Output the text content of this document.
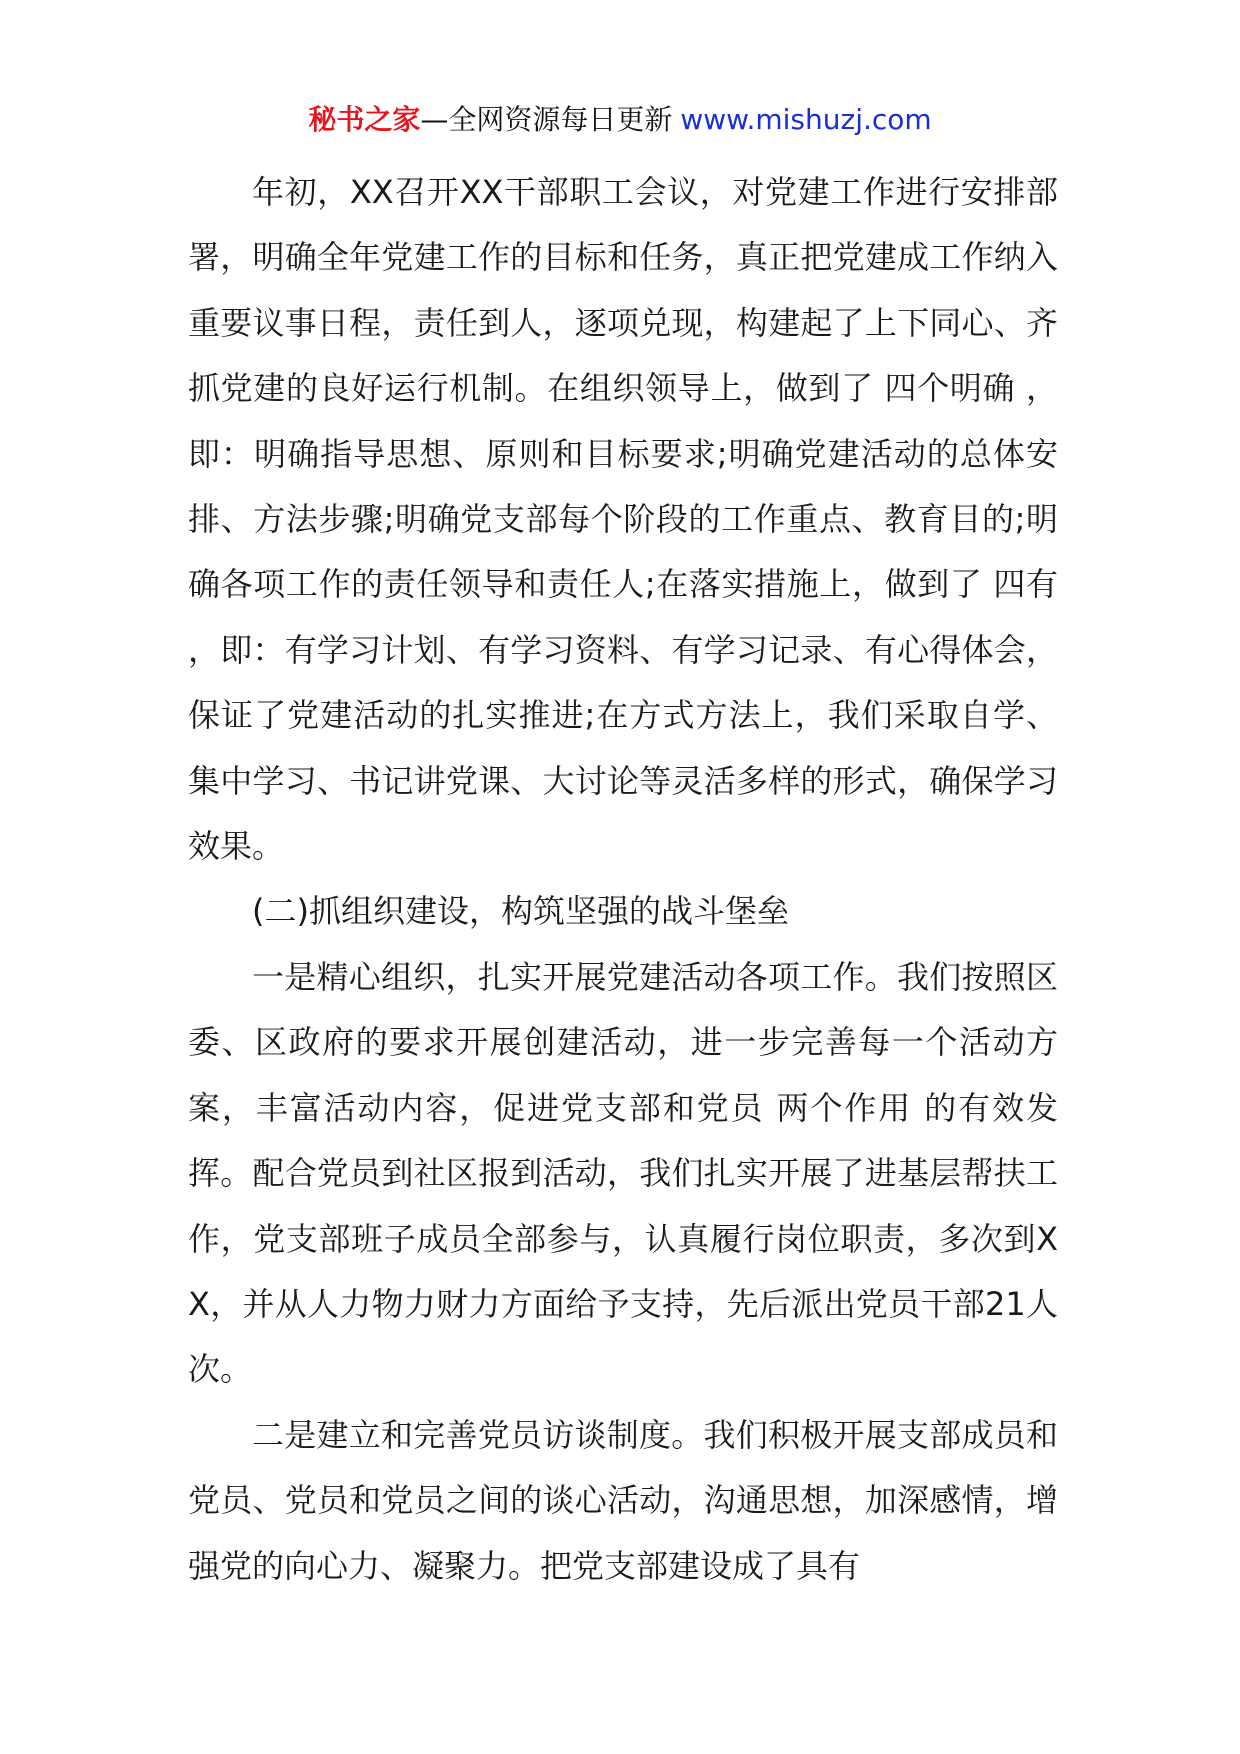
秘书之家—全网资源每日更新 www.mishuzj.com

年初，XX召开XX干部职工会议，对党建工作进行安排部署，明确全年党建工作的目标和任务，真正把党建成工作纳入重要议事日程，责任到人，逐项兑现，构建起了上下同心、齐抓党建的良好运行机制。在组织领导上，做到了 四个明确 ，即：明确指导思想、原则和目标要求;明确党建活动的总体安排、方法步骤;明确党支部每个阶段的工作重点、教育目的;明确各项工作的责任领导和责任人;在落实措施上，做到了 四有 ，即：有学习计划、有学习资料、有学习记录、有心得体会，保证了党建活动的扎实推进;在方式方法上，我们采取自学、集中学习、书记讲党课、大讨论等灵活多样的形式，确保学习效果。

(二)抓组织建设，构筑坚强的战斗堡垒

一是精心组织，扎实开展党建活动各项工作。我们按照区委、区政府的要求开展创建活动，进一步完善每一个活动方案，丰富活动内容，促进党支部和党员 两个作用 的有效发挥。配合党员到社区报到活动，我们扎实开展了进基层帮扶工作，党支部班子成员全部参与，认真履行岗位职责，多次到XX，并从人力物力财力方面给予支持，先后派出党员干部21人次。

二是建立和完善党员访谈制度。我们积极开展支部成员和党员、党员和党员之间的谈心活动，沟通思想，加深感情，增强党的向心力、凝聚力。把党支部建设成了具有
